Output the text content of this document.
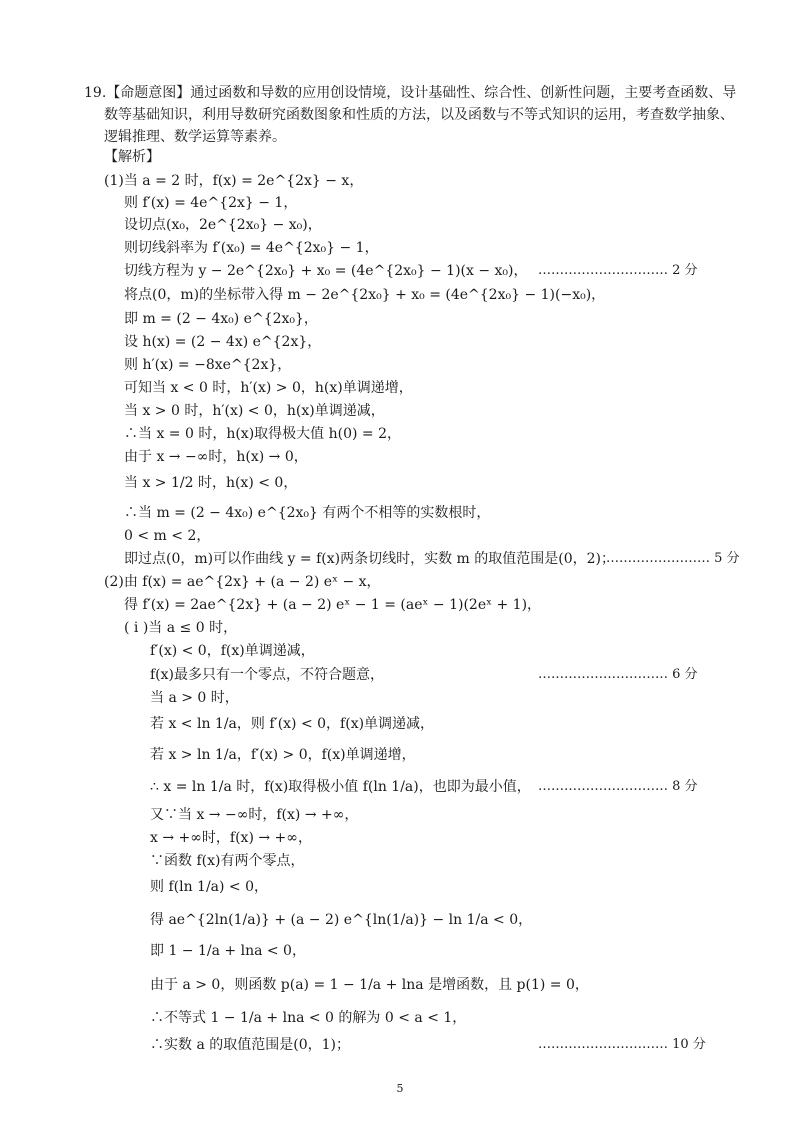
19.【命题意图】通过函数和导数的应用创设情境，设计基础性、综合性、创新性问题，主要考查函数、导数等基础知识，利用导数研究函数图象和性质的方法，以及函数与不等式知识的运用，考查数学抽象、逻辑推理、数学运算等素养。
【解析】
(1)当 a = 2 时，f(x) = 2e^{2x} − x，
则 f′(x) = 4e^{2x} − 1，
设切点(x₀，2e^{2x₀} − x₀)，
则切线斜率为 f′(x₀) = 4e^{2x₀} − 1，
切线方程为 y − 2e^{2x₀} + x₀ = (4e^{2x₀} − 1)(x − x₀)，
将点(0，m)的坐标带入得 m − 2e^{2x₀} + x₀ = (4e^{2x₀} − 1)(−x₀)，
即 m = (2 − 4x₀) e^{2x₀}，
设 h(x) = (2 − 4x) e^{2x}，
则 h′(x) = −8xe^{2x}，
可知当 x < 0 时，h′(x) > 0，h(x)单调递增，
当 x > 0 时，h′(x) < 0，h(x)单调递减，
∴当 x = 0 时，h(x)取得极大值 h(0) = 2，
由于 x → −∞时，h(x) → 0，
当 x > 1/2 时，h(x) < 0，
∴当 m = (2 − 4x₀) e^{2x₀} 有两个不相等的实数根时，
0 < m < 2，
即过点(0，m)可以作曲线 y = f(x)两条切线时，实数 m 的取值范围是(0，2)；
(2)由 f(x) = ae^{2x} + (a − 2) eˣ − x，
得 f′(x) = 2ae^{2x} + (a − 2) eˣ − 1 = (aeˣ − 1)(2eˣ + 1)，
( i )当 a ≤ 0 时，
f′(x) < 0，f(x)单调递减，
f(x)最多只有一个零点，不符合题意，
当 a > 0 时，
若 x < ln 1/a，则 f′(x) < 0，f(x)单调递减，
若 x > ln 1/a，f′(x) > 0，f(x)单调递增，
∴ x = ln 1/a 时，f(x)取得极小值 f(ln 1/a)，也即为最小值，
又∵当 x → −∞时，f(x) → +∞，
x → +∞时，f(x) → +∞，
∵函数 f(x)有两个零点，
则 f(ln 1/a) < 0，
得 ae^{2ln(1/a)} + (a − 2) e^{ln(1/a)} − ln 1/a < 0，
即 1 − 1/a + lna < 0，
由于 a > 0，则函数 p(a) = 1 − 1/a + lna 是增函数，且 p(1) = 0，
∴不等式 1 − 1/a + lna < 0 的解为 0 < a < 1，
∴实数 a 的取值范围是(0，1)；
………………………… 2 分
…………………… 5 分
………………………… 6 分
………………………… 8 分
………………………… 10 分
5
